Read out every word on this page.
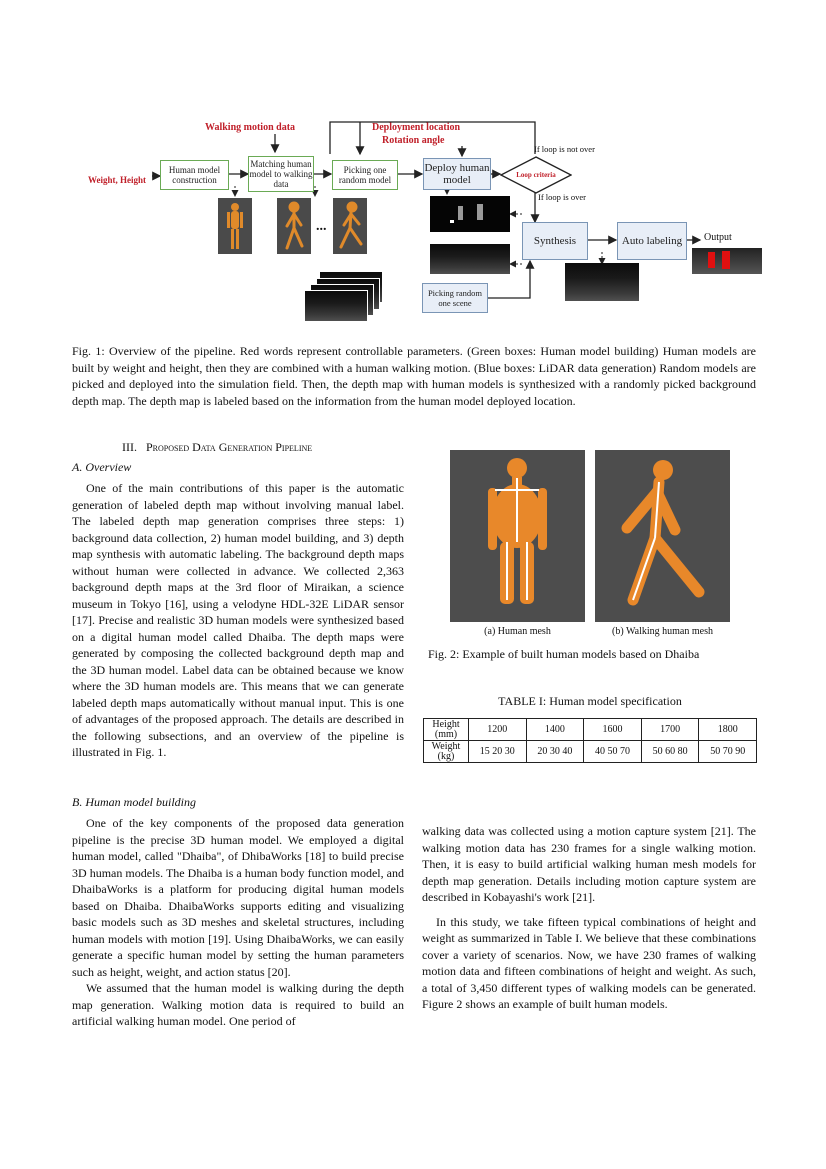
Walking motion data	Deployment location
Rotation angle
Weight, Height
Human model construction
Matching human model to walking data
Picking one random model
Deploy human model	Loop criteria
If loop is not over
If loop is over
Synthesis	Auto labeling
Picking random one scene
Output
...
Fig. 1: Overview of the pipeline. Red words represent controllable parameters. (Green boxes: Human model building) Human models are built by weight and height, then they are combined with a human walking motion. (Blue boxes: LiDAR data generation) Random models are picked and deployed into the simulation field. Then, the depth map with human models is synthesized with a randomly picked background depth map. The depth map is labeled based on the information from the human model deployed location.
III. Proposed Data Generation Pipeline
A. Overview

One of the main contributions of this paper is the automatic generation of labeled depth map without involving manual label. The labeled depth map generation comprises three steps: 1) background data collection, 2) human model building, and 3) depth map synthesis with automatic labeling. The background depth maps without human were collected in advance. We collected 2,363 background depth maps at the 3rd floor of Miraikan, a science museum in Tokyo [16], using a velodyne HDL-32E LiDAR sensor [17]. Precise and realistic 3D human models were synthesized based on a digital human model called Dhaiba. The depth maps were generated by composing the collected background depth map and the 3D human model. Label data can be obtained because we know where the 3D human models are. This means that we can generate labeled depth maps automatically without manual input. This is one of advantages of the proposed approach. The details are described in the following subsections, and an overview of the pipeline is illustrated in Fig. 1.

B. Human model building

One of the key components of the proposed data generation pipeline is the precise 3D human model. We employed a digital human model, called "Dhaiba", of DhibaWorks [18] to build precise 3D human models. The Dhaiba is a human body function model, and DhaibaWorks is a platform for producing digital human models based on Dhaiba. DhaibaWorks supports editing and visualizing basic models such as 3D meshes and skeletal structures, including human models with motion [19]. Using DhaibaWorks, we can easily generate a specific human model by setting the human parameters such as height, weight, and action status [20].

We assumed that the human model is walking during the depth map generation. Walking motion data is required to build an artificial walking human model. One period of

(a) Human mesh	(b) Walking human mesh
Fig. 2: Example of built human models based on Dhaiba
TABLE I: Human model specification
Height (mm)	1200	1400	1600	1700	1800
Weight (kg)	15 20 30	20 30 40	40 50 70	50 60 80	50 70 90

walking data was collected using a motion capture system [21]. The walking motion data has 230 frames for a single walking motion. Then, it is easy to build artificial walking human mesh models for depth map generation. Details including motion capture system are described in Kobayashi's work [21].

In this study, we take fifteen typical combinations of height and weight as summarized in Table I. We believe that these combinations cover a variety of scenarios. Now, we have 230 frames of walking motion data and fifteen combinations of height and weight. As such, a total of 3,450 different types of walking models can be generated. Figure 2 shows an example of built human models.
